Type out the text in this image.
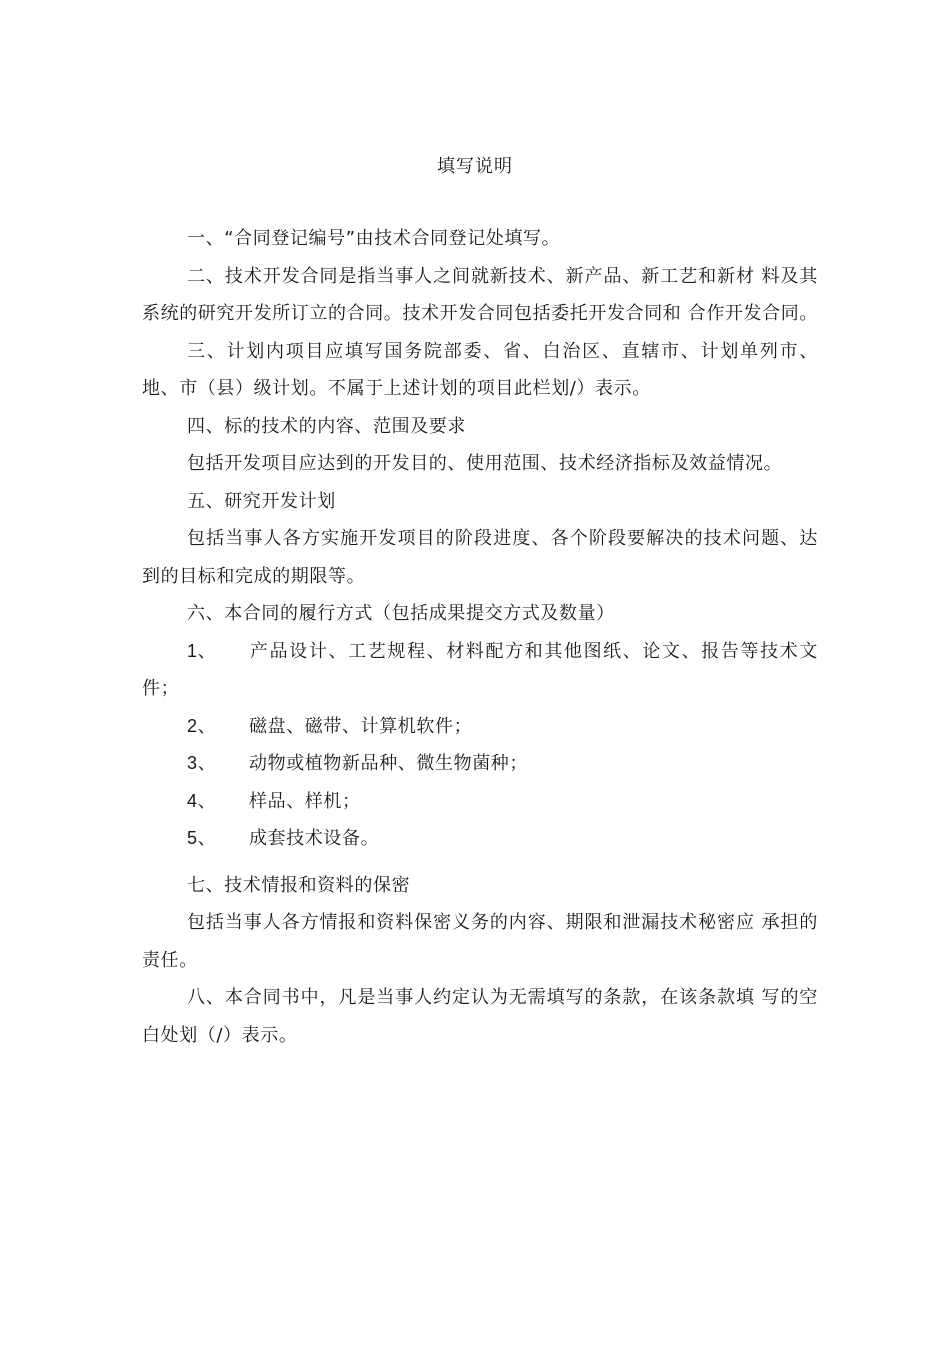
填写说明

一、“合同登记编号”由技术合同登记处填写。

二、技术开发合同是指当事人之间就新技术、新产品、新工艺和新材 料及其系统的研究开发所订立的合同。技术开发合同包括委托开发合同和 合作开发合同。

三、计划内项目应填写国务院部委、省、白治区、直辖市、计划单列市、地、市（县）级计划。不属于上述计划的项目此栏划/）表示。

四、标的技术的内容、范围及要求

包括开发项目应达到的开发目的、使用范围、技术经济指标及效益情况。

五、研究开发计划

包括当事人各方实施开发项目的阶段进度、各个阶段要解决的技术问题、达到的目标和完成的期限等。

六、本合同的履行方式（包括成果提交方式及数量）

1、 产品设计、工艺规程、材料配方和其他图纸、论文、报告等技术文 件；

2、 磁盘、磁带、计算机软件；

3、 动物或植物新品种、微生物菌种；

4、 样品、样机；

5、 成套技术设备。

七、技术情报和资料的保密

包括当事人各方情报和资料保密义务的内容、期限和泄漏技术秘密应 承担的责任。

八、本合同书中，凡是当事人约定认为无需填写的条款，在该条款填 写的空白处划（/）表示。
